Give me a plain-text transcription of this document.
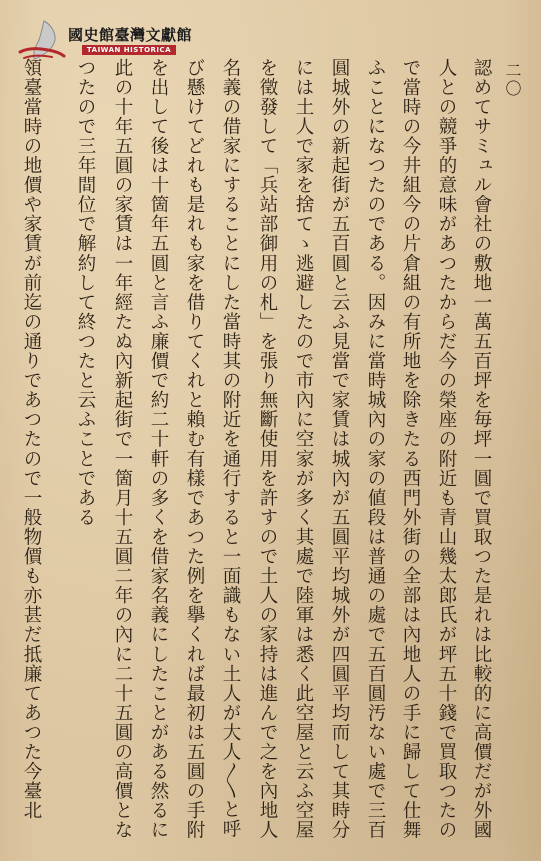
國史館臺灣文獻館
TAIWAN HISTORICA
二〇
認めてサミュル會社の敷地一萬五百坪を毎坪一圓で買取つた是れは比較的に高價だが外國
人との競爭的意味があつたからだ今の榮座の附近も青山幾太郎氏が坪五十錢で買取つたの
で當時の今井組今の片倉組の有所地を除きたる西門外街の全部は內地人の手に歸して仕舞
ふことになつたのである。因みに當時城內の家の値段は普通の處で五百圓汚ない處で三百
圓城外の新起街が五百圓と云ふ見當で家賃は城內が五圓平均城外が四圓平均而して其時分
には土人で家を捨てゝ逃避したので市內に空家が多く其處で陸軍は悉く此空屋と云ふ空屋
を徵發して「兵站部御用の札」を張り無斷使用を許すので土人の家持は進んで之を內地人
名義の借家にすることにした當時其の附近を通行すると一面識もない土人が大人〳〵と呼
び懸けてどれも是れも家を借りてくれと賴む有樣であつた例を擧くれば最初は五圓の手附
を出して後は十箇年五圓と言ふ廉價で約二十軒の多くを借家名義にしたことがある然るに
此の十年五圓の家賃は一年經たぬ內新起街で一箇月十五圓二年の內に二十五圓の高價とな
つたので三年間位で解約して終つたと云ふことである
領臺當時の地價や家賃が前迄の通りであつたので一般物價も亦甚だ抵廉てあつた今臺北
